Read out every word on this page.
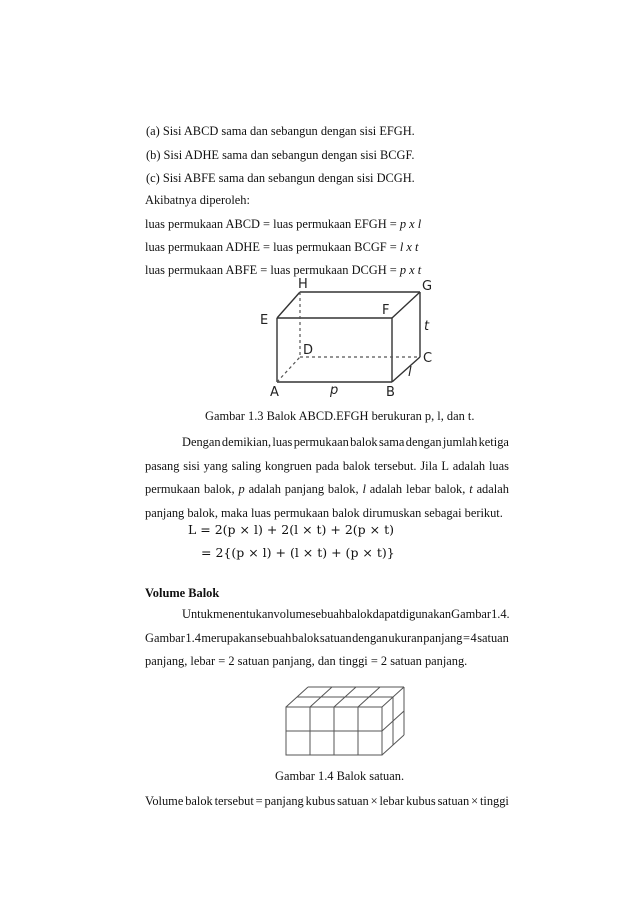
(a) Sisi ABCD sama dan sebangun dengan sisi EFGH.
(b) Sisi ADHE sama dan sebangun dengan sisi BCGF.
(c) Sisi ABFE sama dan sebangun dengan sisi DCGH.
Akibatnya diperoleh:
luas permukaan ABCD = luas permukaan EFGH = p x l
luas permukaan ADHE = luas permukaan BCGF = l x t
luas permukaan ABFE = luas permukaan DCGH = p x t
H	G
E
F
D
C
A	B
p
t
l
Gambar 1.3 Balok ABCD.EFGH berukuran p, l, dan t.
Dengan demikian, luas permukaan balok sama dengan jumlah ketiga
pasang sisi yang saling kongruen pada balok tersebut. Jila L adalah luas
permukaan balok, p adalah panjang balok, l adalah lebar balok, t adalah
panjang balok, maka luas permukaan balok dirumuskan sebagai berikut.
L = 2(p × l) + 2(l × t) + 2(p × t)
= 2{(p × l) + (l × t) + (p × t)}
Volume Balok
Untuk menentukan volume sebuah balok dapat digunakan Gambar 1.4.
Gambar 1.4 merupakan sebuah balok satuan dengan ukuran panjang = 4 satuan
panjang, lebar = 2 satuan panjang, dan tinggi = 2 satuan panjang.
Gambar 1.4 Balok satuan.
Volume balok tersebut = panjang kubus satuan × lebar kubus satuan × tinggi
